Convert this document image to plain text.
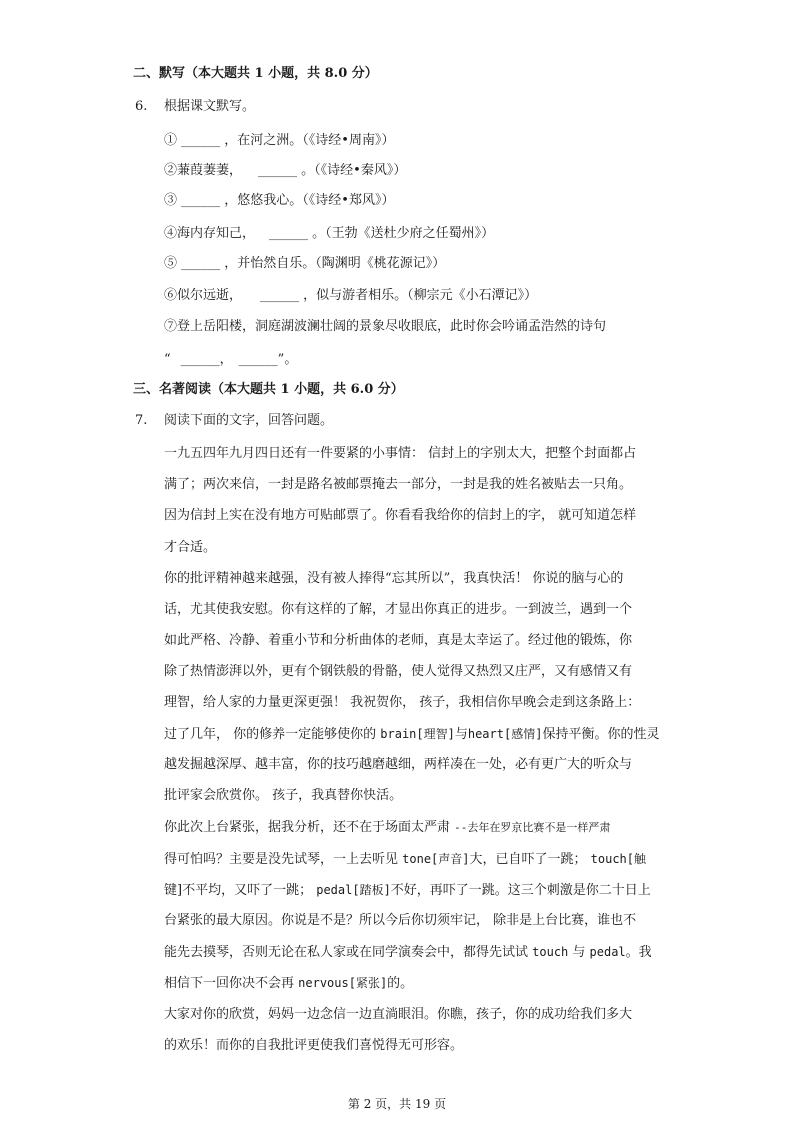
二、默写（本大题共 1 小题，共 8.0 分）
6. 根据课文默写。
① ______ ，在河之洲。（《诗经•周南》）
②蒹葭萋萋， ______ 。（《诗经•秦风》）
③ ______ ，悠悠我心。（《诗经•郑风》）
④海内存知己， ______ 。（王勃《送杜少府之任蜀州》）
⑤ ______ ，并怡然自乐。（陶渊明《桃花源记》）
⑥似尔远逝， ______ ，似与游者相乐。（柳宗元《小石潭记》）
⑦登上岳阳楼，洞庭湖波澜壮阔的景象尽收眼底，此时你会吟诵孟浩然的诗句
“ ______， ______”。
三、名著阅读（本大题共 1 小题，共 6.0 分）
7. 阅读下面的文字，回答问题。
一九五四年九月四日还有一件要紧的小事情： 信封上的字别太大，把整个封面都占
满了；两次来信，一封是路名被邮票掩去一部分，一封是我的姓名被贴去一只角。
因为信封上实在没有地方可贴邮票了。你看看我给你的信封上的字， 就可知道怎样
才合适。
你的批评精神越来越强，没有被人捧得“忘其所以”，我真快活！ 你说的脑与心的
话，尤其使我安慰。你有这样的了解，才显出你真正的进步。一到波兰，遇到一个
如此严格、冷静、着重小节和分析曲体的老师，真是太幸运了。经过他的锻炼，你
除了热情澎湃以外，更有个钢铁般的骨骼，使人觉得又热烈又庄严，又有感情又有
理智，给人家的力量更深更强！ 我祝贺你， 孩子，我相信你早晚会走到这条路上：
过了几年， 你的修养一定能够使你的 brain[理智]与heart[感情]保持平衡。你的性灵
越发掘越深厚、越丰富，你的技巧越磨越细，两样凑在一处，必有更广大的听众与
批评家会欣赏你。 孩子，我真替你快活。
你此次上台紧张，据我分析，还不在于场面太严肃 --去年在罗京比赛不是一样严肃
得可怕吗？主要是没先试琴，一上去听见 tone[声音]大，已自吓了一跳； touch[触
键]不平均，又吓了一跳； pedal[踏板]不好，再吓了一跳。这三个刺激是你二十日上
台紧张的最大原因。你说是不是？所以今后你切须牢记， 除非是上台比赛，谁也不
能先去摸琴，否则无论在私人家或在同学演奏会中，都得先试试 touch 与 pedal。我
相信下一回你决不会再 nervous[紧张]的。
大家对你的欣赏，妈妈一边念信一边直淌眼泪。你瞧，孩子，你的成功给我们多大
的欢乐！而你的自我批评更使我们喜悦得无可形容。
第 2 页，共 19 页
